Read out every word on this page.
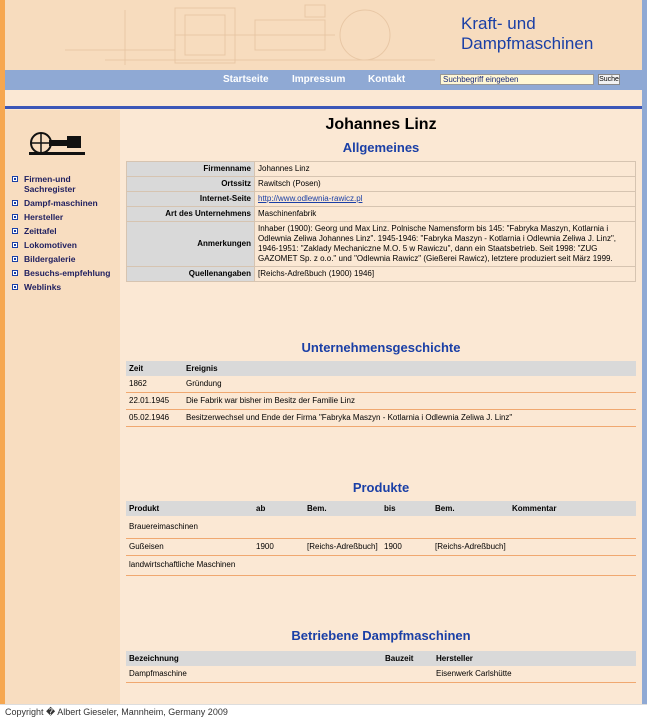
Kraft- und
Dampfmaschinen
Startseite Impressum Kontakt	Suchbegriff eingeben	Suche
Firmen-und Sachregister
Dampf-maschinen
Hersteller
Zeittafel
Lokomotiven
Bildergalerie
Besuchs-empfehlung
Weblinks
Johannes Linz
Allgemeines
Firmenname	Johannes Linz
Ortssitz	Rawitsch (Posen)
Internet-Seite	http://www.odlewnia-rawicz.pl
Art des Unternehmens	Maschinenfabrik
Anmerkungen	Inhaber (1900): Georg und Max Linz. Polnische Namensform bis 145: "Fabryka Maszyn, Kotlarnia i Odlewnia Zeliwa Johannes Linz". 1945-1946: "Fabryka Maszyn - Kotlarnia i Odlewnia Zeliwa J. Linz", 1946-1951: "Zaklady Mechaniczne M.O. 5 w Rawiczu", dann ein Staatsbetrieb. Seit 1998: "ZUG GAZOMET Sp. z o.o." und "Odlewnia Rawicz" (Gießerei Rawicz), letztere produziert seit März 1999.
Quellenangaben	[Reichs-Adreßbuch (1900) 1946]
Unternehmensgeschichte
Zeit	Ereignis
1862	Gründung
22.01.1945	Die Fabrik war bisher im Besitz der Familie Linz
05.02.1946	Besitzerwechsel und Ende der Firma "Fabryka Maszyn - Kotlarnia i Odlewnia Zeliwa J. Linz"
Produkte
Produkt	ab	Bem.	bis	Bem.	Kommentar
Brauereimaschinen					
Gußeisen	1900	[Reichs-Adreßbuch]	1900	[Reichs-Adreßbuch]	
landwirtschaftliche Maschinen					
Betriebene Dampfmaschinen
Bezeichnung	Bauzeit	Hersteller
Dampfmaschine		Eisenwerk Carlshütte
Copyright � Albert Gieseler, Mannheim, Germany 2009
